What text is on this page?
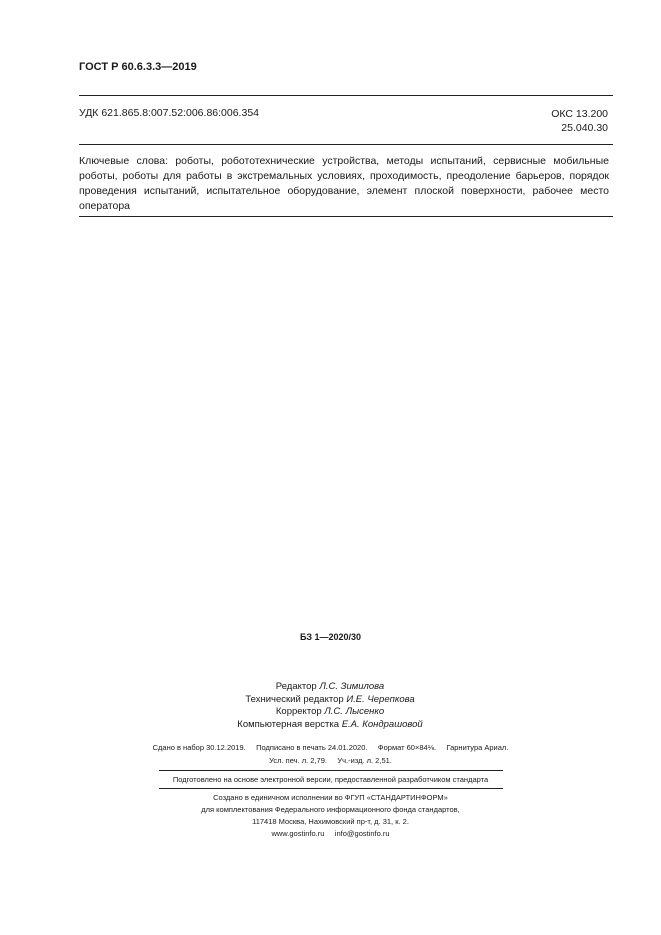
ГОСТ Р 60.6.3.3—2019
УДК 621.865.8:007.52:006.86:006.354	ОКС 13.200
25.040.30
Ключевые слова: роботы, робототехнические устройства, методы испытаний, сервисные мобильные роботы, роботы для работы в экстремальных условиях, проходимость, преодоление барьеров, порядок проведения испытаний, испытательное оборудование, элемент плоской поверхности, рабочее место оператора
БЗ 1—2020/30
Редактор Л.С. Зимилова
Технический редактор И.Е. Черепкова
Корректор Л.С. Лысенко
Компьютерная верстка Е.А. Кондрашовой
Сдано в набор 30.12.2019.     Подписано в печать 24.01.2020.     Формат 60×84⅛.     Гарнитура Ариал.
Усл. печ. л. 2,79.     Уч.-изд. л. 2,51.
Подготовлено на основе электронной версии, предоставленной разработчиком стандарта
Создано в единичном исполнении во ФГУП «СТАНДАРТИНФОРМ»
для комплектования Федерального информационного фонда стандартов,
117418 Москва, Нахимовский пр-т, д. 31, к. 2.
www.gostinfo.ru     info@gostinfo.ru
